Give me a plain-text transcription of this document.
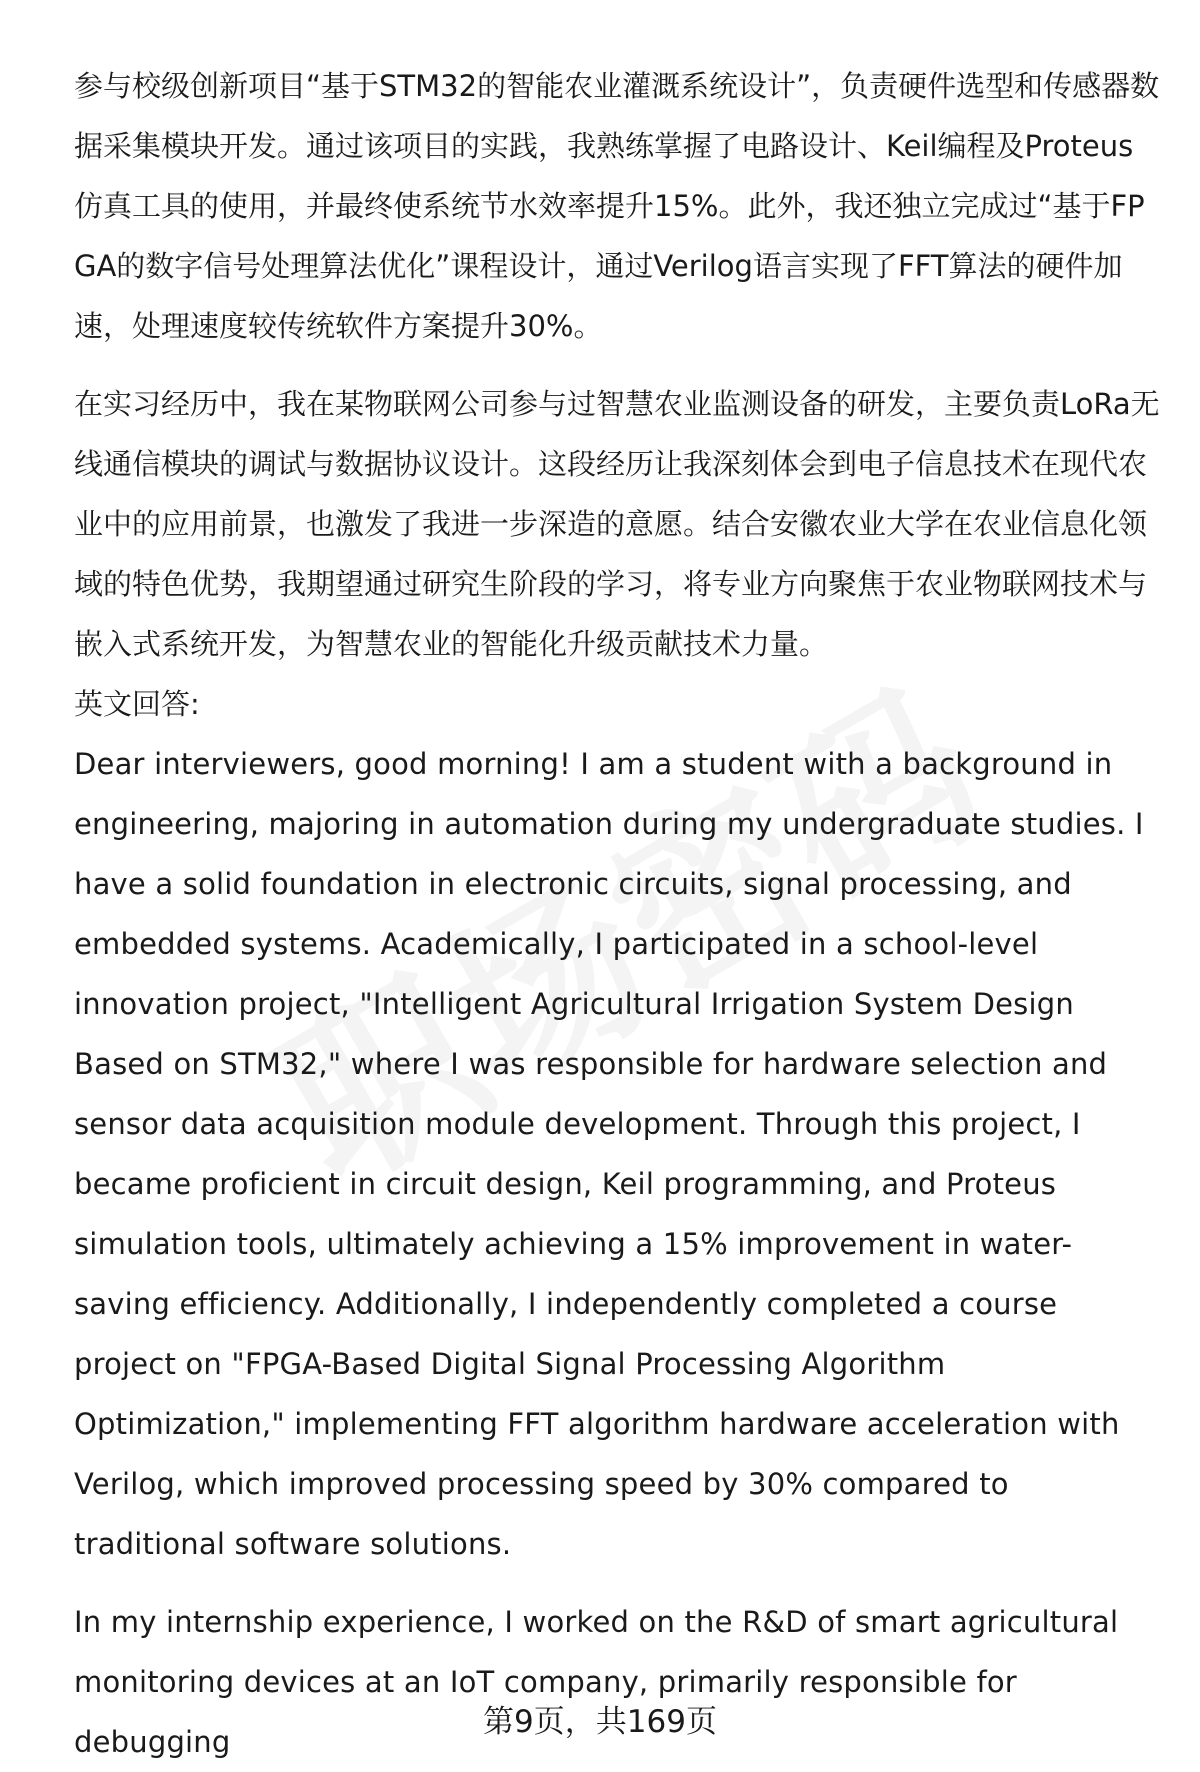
参与校级创新项目“基于STM32的智能农业灌溉系统设计”，负责硬件选型和传感器数据采集模块开发。通过该项目的实践，我熟练掌握了电路设计、Keil编程及Proteus仿真工具的使用，并最终使系统节水效率提升15%。此外，我还独立完成过“基于FPGA的数字信号处理算法优化”课程设计，通过Verilog语言实现了FFT算法的硬件加速，处理速度较传统软件方案提升30%。

在实习经历中，我在某物联网公司参与过智慧农业监测设备的研发，主要负责LoRa无线通信模块的调试与数据协议设计。这段经历让我深刻体会到电子信息技术在现代农业中的应用前景，也激发了我进一步深造的意愿。结合安徽农业大学在农业信息化领域的特色优势，我期望通过研究生阶段的学习，将专业方向聚焦于农业物联网技术与嵌入式系统开发，为智慧农业的智能化升级贡献技术力量。

英文回答:

Dear interviewers, good morning! I am a student with a background in engineering, majoring in automation during my undergraduate studies. I have a solid foundation in electronic circuits, signal processing, and embedded systems. Academically, I participated in a school-level innovation project, "Intelligent Agricultural Irrigation System Design Based on STM32," where I was responsible for hardware selection and sensor data acquisition module development. Through this project, I became proficient in circuit design, Keil programming, and Proteus simulation tools, ultimately achieving a 15% improvement in water-saving efficiency. Additionally, I independently completed a course project on "FPGA-Based Digital Signal Processing Algorithm Optimization," implementing FFT algorithm hardware acceleration with Verilog, which improved processing speed by 30% compared to traditional software solutions.

In my internship experience, I worked on the R&D of smart agricultural monitoring devices at an IoT company, primarily responsible for debugging

第9页，共169页
